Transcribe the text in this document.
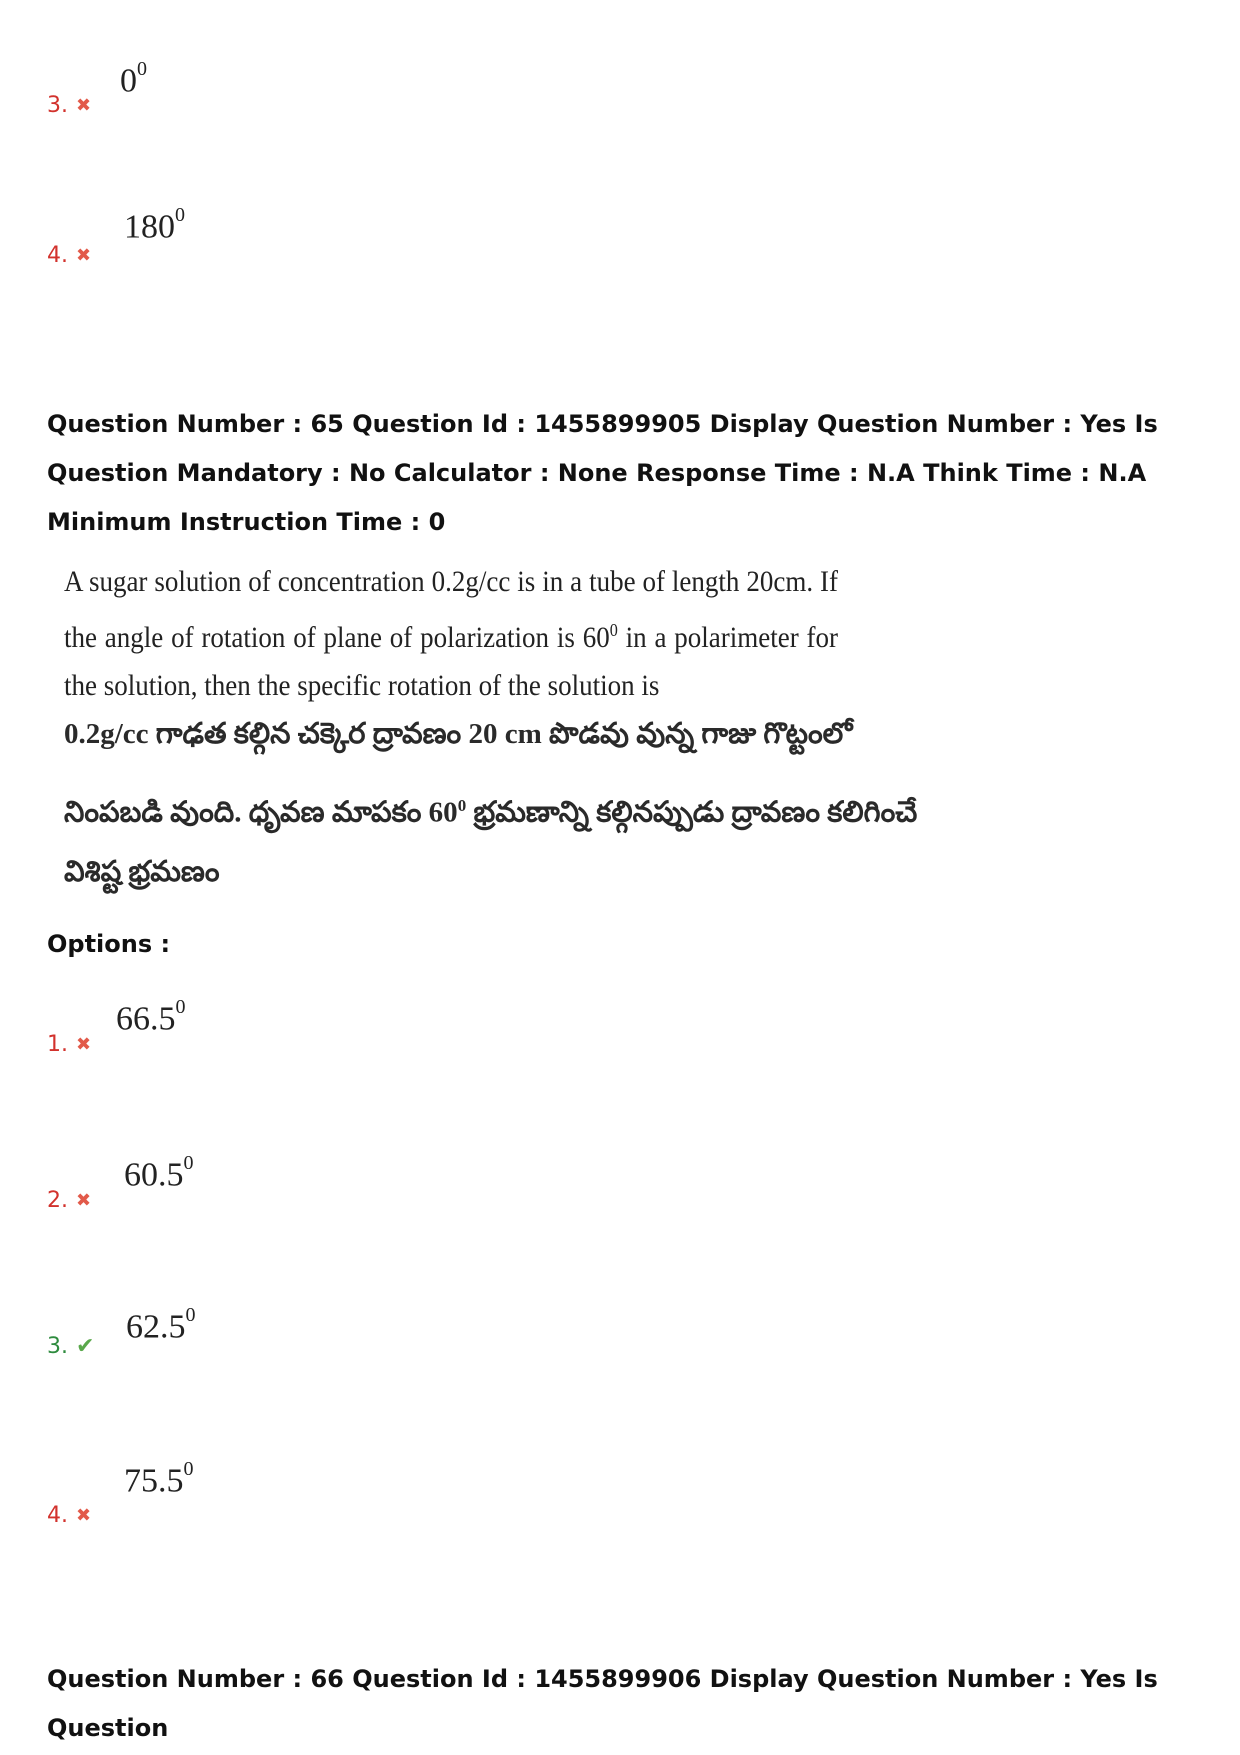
3. ✖
$0^0$
4. ✖
$180^0$
Question Number : 65 Question Id : 1455899905 Display Question Number : Yes Is Question Mandatory : No Calculator : None Response Time : N.A Think Time : N.A Minimum Instruction Time : 0
A sugar solution of concentration 0.2g/cc is in a tube of length 20cm. If the angle of rotation of plane of polarization is $60^0$ in a polarimeter for the solution, then the specific rotation of the solution is
0.2g/cc గాఢత కల్గిన చక్కెర ద్రావణం 20 cm పొడవు వున్న గాజు గొట్టంలో
నింపబడి వుంది. ధృవణ మాపకం $60^0$ భ్రమణాన్ని కల్గినప్పుడు ద్రావణం కలిగించే
విశిష్ట భ్రమణం
Options :
1. ✖
66.5$^0$
2. ✖
60.5$^0$
3. ✔
62.5$^0$
4. ✖
75.5$^0$
Question Number : 66 Question Id : 1455899906 Display Question Number : Yes Is Question
